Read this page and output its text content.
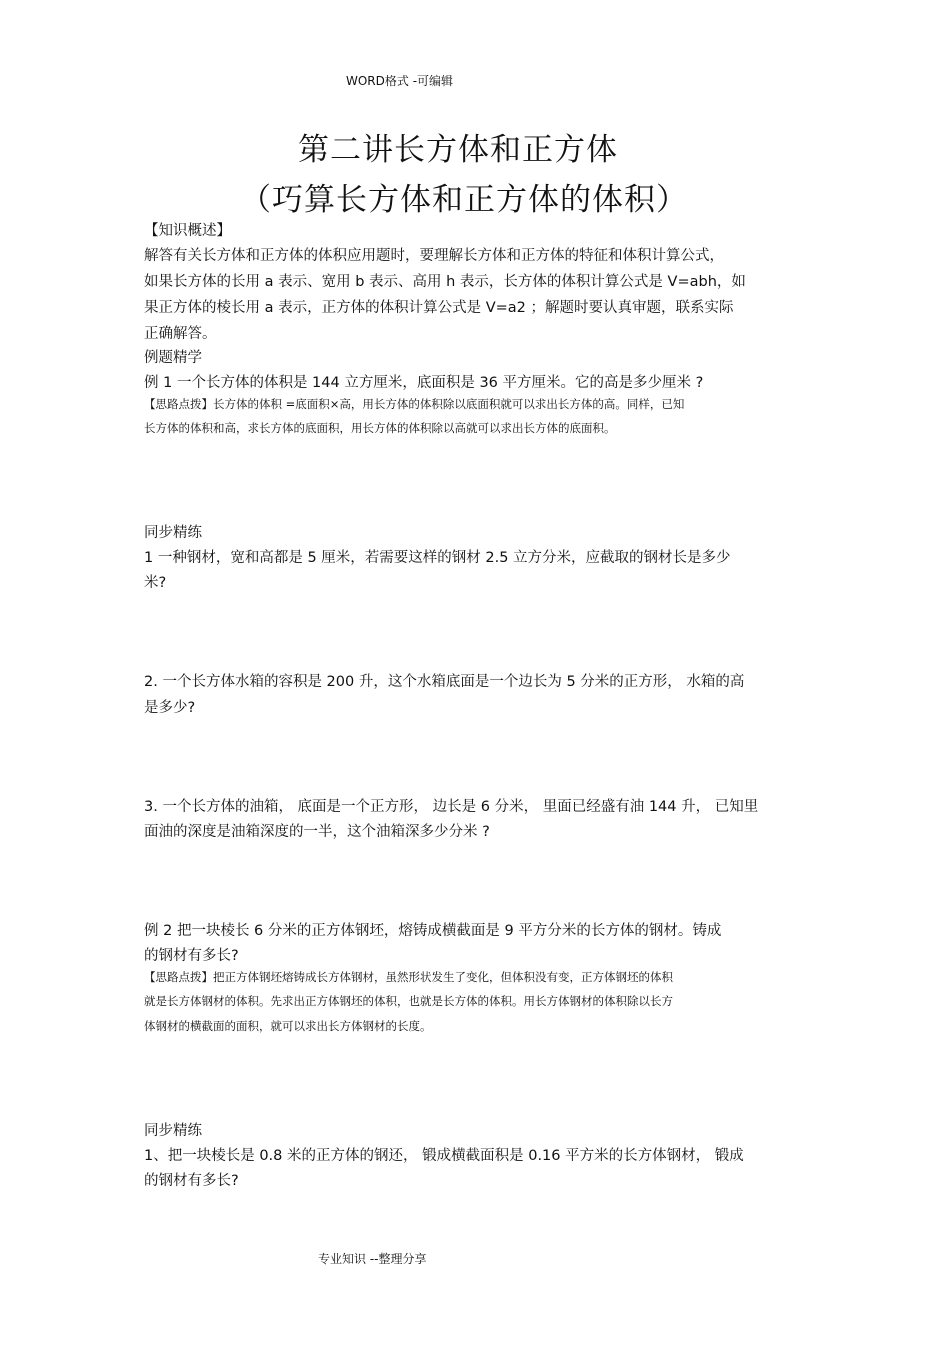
WORD格式 -可编辑
第二讲长方体和正方体
（巧算长方体和正方体的体积）
【知识概述】
解答有关长方体和正方体的体积应用题时，要理解长方体和正方体的特征和体积计算公式，
如果长方体的长用 a 表示、宽用 b 表示、高用 h 表示，长方体的体积计算公式是 V=abh，如
果正方体的棱长用 a 表示，正方体的体积计算公式是 V=a2 ；解题时要认真审题，联系实际
正确解答。
例题精学
例 1 一个长方体的体积是 144 立方厘米，底面积是 36 平方厘米。它的高是多少厘米 ?
【思路点拨】长方体的体积 =底面积×高，用长方体的体积除以底面积就可以求出长方体的高。同样，已知
长方体的体积和高，求长方体的底面积，用长方体的体积除以高就可以求出长方体的底面积。
同步精练
1 一种钢材，宽和高都是 5 厘米，若需要这样的钢材 2.5 立方分米，应截取的钢材长是多少
米?
2. 一个长方体水箱的容积是 200 升，这个水箱底面是一个边长为 5 分米的正方形， 水箱的高
是多少?
3. 一个长方体的油箱， 底面是一个正方形， 边长是 6 分米， 里面已经盛有油 144 升， 已知里
面油的深度是油箱深度的一半，这个油箱深多少分米 ?
例 2 把一块棱长 6 分米的正方体钢坯，熔铸成横截面是 9 平方分米的长方体的钢材。铸成
的钢材有多长?
【思路点拨】把正方体钢坯熔铸成长方体钢材，虽然形状发生了变化，但体积没有变，正方体钢坯的体积
就是长方体钢材的体积。先求出正方体钢坯的体积，也就是长方体的体积。用长方体钢材的体积除以长方
体钢材的横截面的面积，就可以求出长方体钢材的长度。
同步精练
1、把一块棱长是 0.8 米的正方体的钢还， 锻成横截面积是 0.16 平方米的长方体钢材， 锻成
的钢材有多长?
专业知识 --整理分享
